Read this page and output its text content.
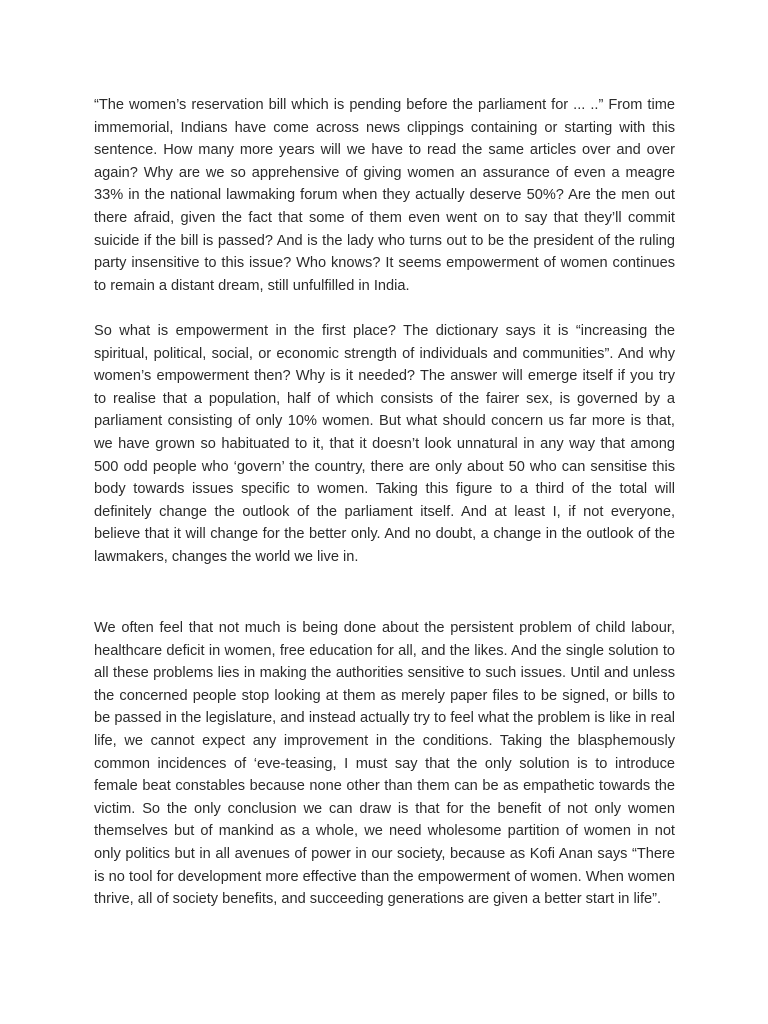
“The women’s reservation bill which is pending before the parliament for ... ..” From time immemorial, Indians have come across news clippings containing or starting with this sentence. How many more years will we have to read the same articles over and over again? Why are we so apprehensive of giving women an assurance of even a meagre 33% in the national lawmaking forum when they actually deserve 50%? Are the men out there afraid, given the fact that some of them even went on to say that they’ll commit suicide if the bill is passed? And is the lady who turns out to be the president of the ruling party insensitive to this issue? Who knows? It seems empowerment of women continues to remain a distant dream, still unfulfilled in India.

So what is empowerment in the first place? The dictionary says it is “increasing the spiritual, political, social, or economic strength of individuals and communities”. And why women’s empowerment then? Why is it needed? The answer will emerge itself if you try to realise that a population, half of which consists of the fairer sex, is governed by a parliament consisting of only 10% women. But what should concern us far more is that, we have grown so habituated to it, that it doesn’t look unnatural in any way that among 500 odd people who ‘govern’ the country, there are only about 50 who can sensitise this body towards issues specific to women. Taking this figure to a third of the total will definitely change the outlook of the parliament itself. And at least I, if not everyone, believe that it will change for the better only. And no doubt, a change in the outlook of the lawmakers, changes the world we live in.

We often feel that not much is being done about the persistent problem of child labour, healthcare deficit in women, free education for all, and the likes. And the single solution to all these problems lies in making the authorities sensitive to such issues. Until and unless the concerned people stop looking at them as merely paper files to be signed, or bills to be passed in the legislature, and instead actually try to feel what the problem is like in real life, we cannot expect any improvement in the conditions. Taking the blasphemously common incidences of ‘eve-teasing, I must say that the only solution is to introduce female beat constables because none other than them can be as empathetic towards the victim. So the only conclusion we can draw is that for the benefit of not only women themselves but of mankind as a whole, we need wholesome partition of women in not only politics but in all avenues of power in our society, because as Kofi Anan says “There is no tool for development more effective than the empowerment of women. When women thrive, all of society benefits, and succeeding generations are given a better start in life”.
